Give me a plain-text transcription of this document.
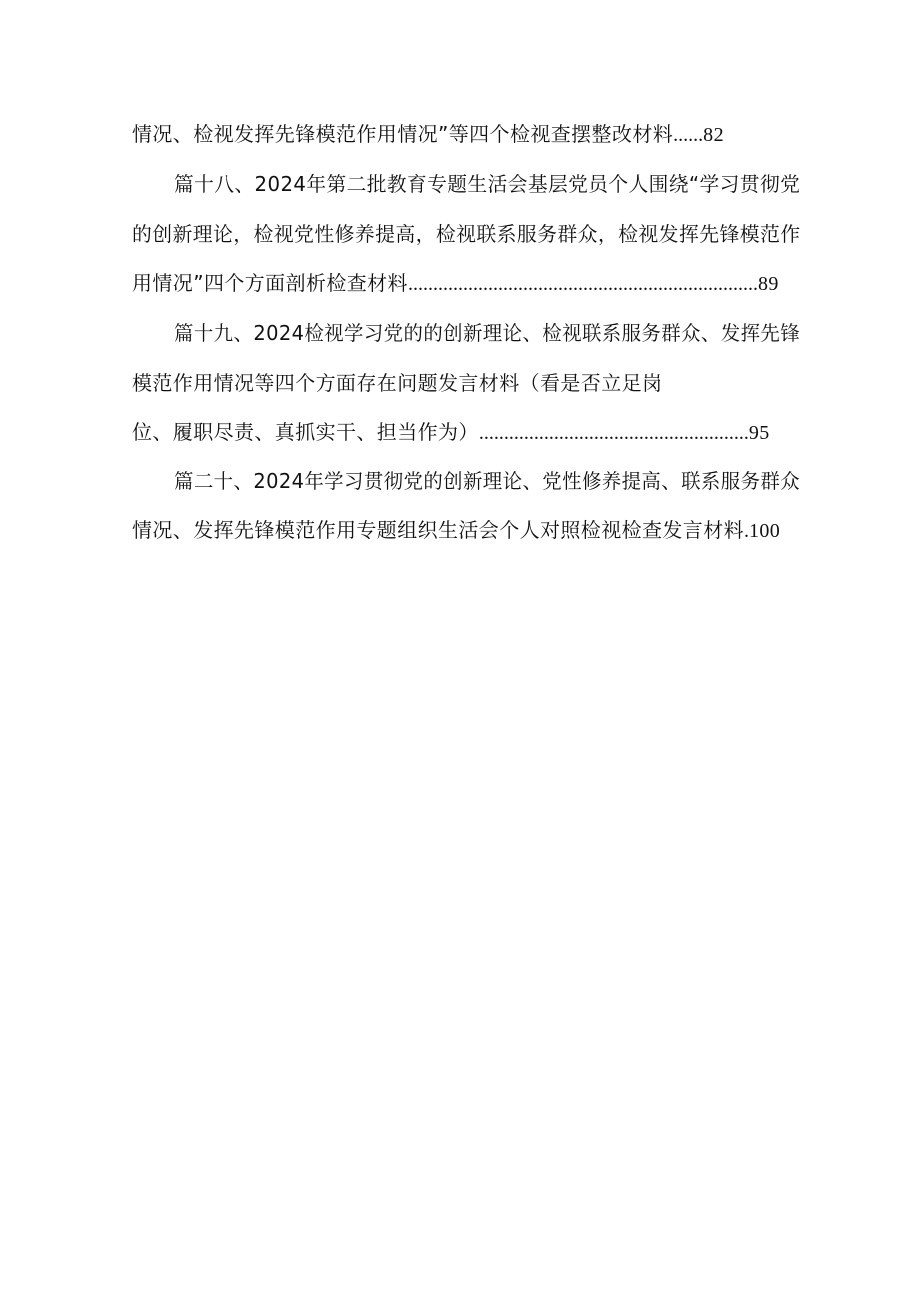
情况、检视发挥先锋模范作用情况”等四个检视查摆整改材料......82
篇十八、2024年第二批教育专题生活会基层党员个人围绕“学习贯彻党
的创新理论，检视党性修养提高，检视联系服务群众，检视发挥先锋模范作
用情况”四个方面剖析检查材料......................................................................89
篇十九、2024检视学习党的的创新理论、检视联系服务群众、发挥先锋
模范作用情况等四个方面存在问题发言材料（看是否立足岗
位、履职尽责、真抓实干、担当作为）......................................................95
篇二十、2024年学习贯彻党的创新理论、党性修养提高、联系服务群众
情况、发挥先锋模范作用专题组织生活会个人对照检视检查发言材料.100
